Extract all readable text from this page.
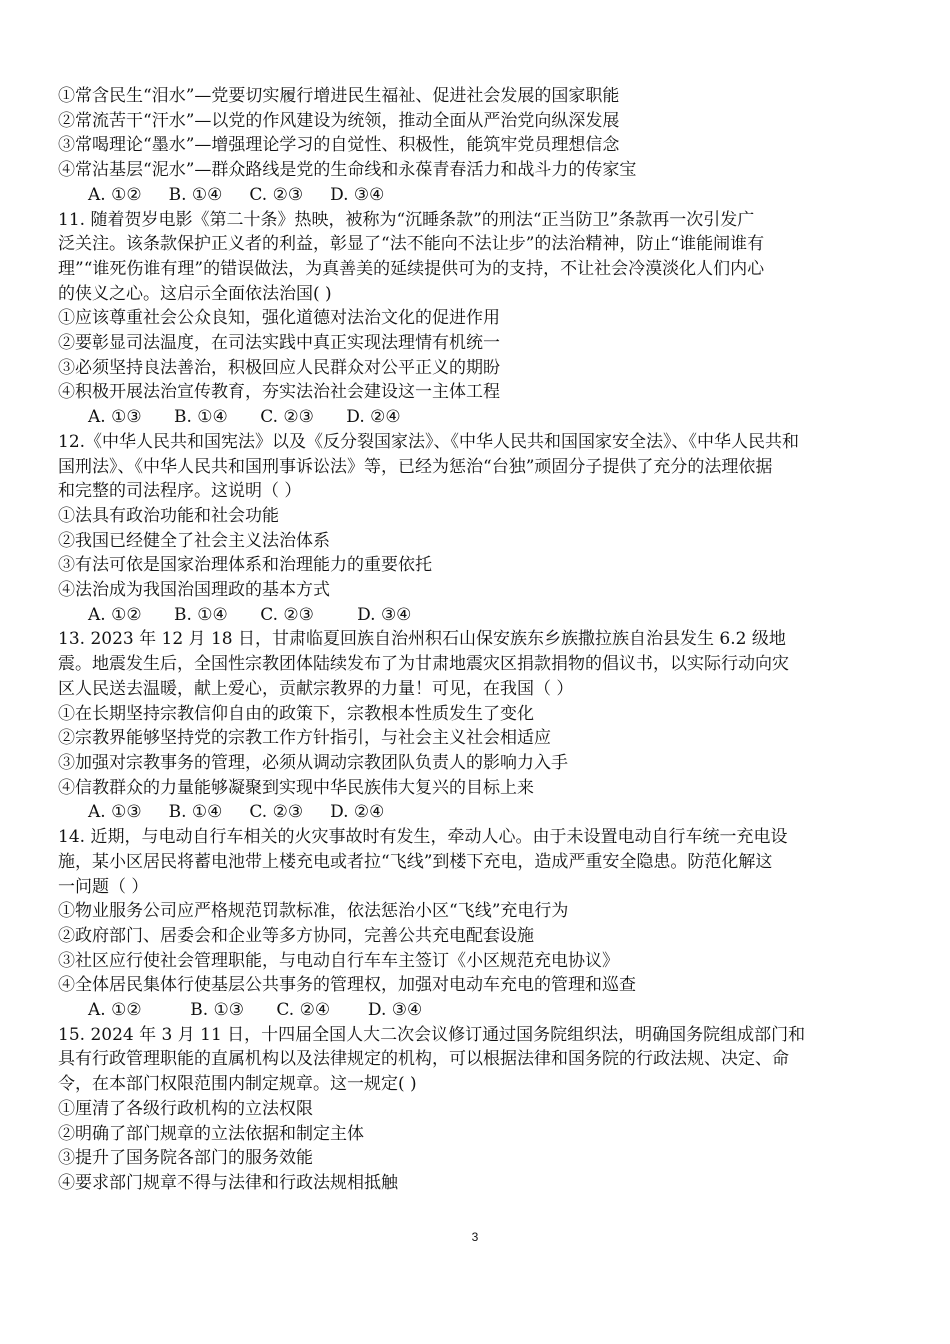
①常含民生“泪水”—党要切实履行增进民生福祉、促进社会发展的国家职能
②常流苦干“汗水”—以党的作风建设为统领，推动全面从严治党向纵深发展
③常喝理论“墨水”—增强理论学习的自觉性、积极性，能筑牢党员理想信念
④常沾基层“泥水”—群众路线是党的生命线和永葆青春活力和战斗力的传家宝
A. ①②     B. ①④     C. ②③     D. ③④
11. 随着贺岁电影《第二十条》热映，被称为“沉睡条款”的刑法“正当防卫”条款再一次引发广
泛关注。该条款保护正义者的利益，彰显了“法不能向不法让步”的法治精神，防止“谁能闹谁有
理”“谁死伤谁有理”的错误做法，为真善美的延续提供可为的支持，不让社会冷漠淡化人们内心
的侠义之心。这启示全面依法治国( )
①应该尊重社会公众良知，强化道德对法治文化的促进作用
②要彰显司法温度，在司法实践中真正实现法理情有机统一
③必须坚持良法善治，积极回应人民群众对公平正义的期盼
④积极开展法治宣传教育，夯实法治社会建设这一主体工程
A. ①③      B. ①④      C. ②③      D. ②④
12.《中华人民共和国宪法》以及《反分裂国家法》、《中华人民共和国国家安全法》、《中华人民共和
国刑法》、《中华人民共和国刑事诉讼法》等，已经为惩治“台独”顽固分子提供了充分的法理依据
和完整的司法程序。这说明（ ）
①法具有政治功能和社会功能
②我国已经健全了社会主义法治体系
③有法可依是国家治理体系和治理能力的重要依托
④法治成为我国治国理政的基本方式
A. ①②      B. ①④      C. ②③        D. ③④
13. 2023 年 12 月 18 日，甘肃临夏回族自治州积石山保安族东乡族撒拉族自治县发生 6.2 级地
震。地震发生后，全国性宗教团体陆续发布了为甘肃地震灾区捐款捐物的倡议书，以实际行动向灾
区人民送去温暖，献上爱心，贡献宗教界的力量！可见，在我国（ ）
①在长期坚持宗教信仰自由的政策下，宗教根本性质发生了变化
②宗教界能够坚持党的宗教工作方针指引，与社会主义社会相适应
③加强对宗教事务的管理，必须从调动宗教团队负责人的影响力入手
④信教群众的力量能够凝聚到实现中华民族伟大复兴的目标上来
A. ①③     B. ①④     C. ②③     D. ②④
14. 近期，与电动自行车相关的火灾事故时有发生，牵动人心。由于未设置电动自行车统一充电设
施，某小区居民将蓄电池带上楼充电或者拉“飞线”到楼下充电，造成严重安全隐患。防范化解这
一问题（ ）
①物业服务公司应严格规范罚款标准，依法惩治小区“飞线”充电行为
②政府部门、居委会和企业等多方协同，完善公共充电配套设施
③社区应行使社会管理职能，与电动自行车车主签订《小区规范充电协议》
④全体居民集体行使基层公共事务的管理权，加强对电动车充电的管理和巡查
A. ①②         B. ①③      C. ②④       D. ③④
15. 2024 年 3 月 11 日，十四届全国人大二次会议修订通过国务院组织法，明确国务院组成部门和
具有行政管理职能的直属机构以及法律规定的机构，可以根据法律和国务院的行政法规、决定、命
令，在本部门权限范围内制定规章。这一规定( )
①厘清了各级行政机构的立法权限
②明确了部门规章的立法依据和制定主体
③提升了国务院各部门的服务效能
④要求部门规章不得与法律和行政法规相抵触
3
